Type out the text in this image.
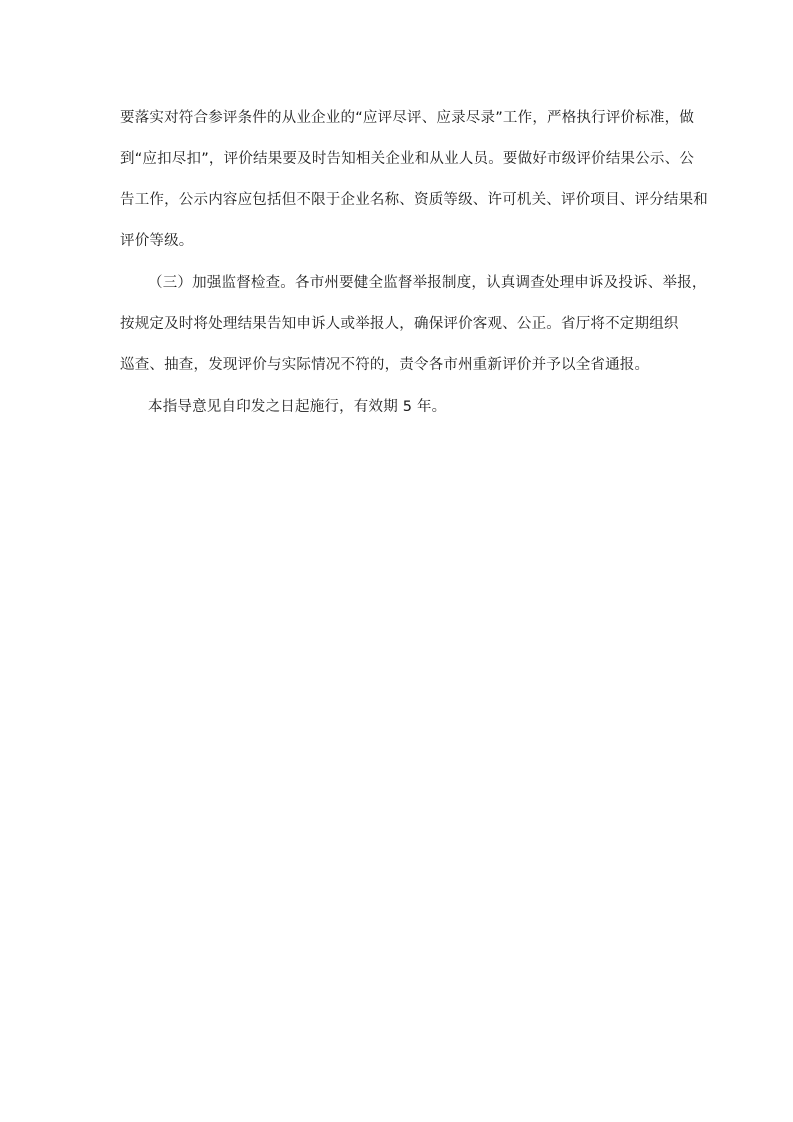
要落实对符合参评条件的从业企业的“应评尽评、应录尽录”工作，严格执行评价标准，做
到“应扣尽扣”，评价结果要及时告知相关企业和从业人员。要做好市级评价结果公示、公
告工作，公示内容应包括但不限于企业名称、资质等级、许可机关、评价项目、评分结果和
评价等级。
（三）加强监督检查。各市州要健全监督举报制度，认真调查处理申诉及投诉、举报，
按规定及时将处理结果告知申诉人或举报人，确保评价客观、公正。省厅将不定期组织
巡查、抽查，发现评价与实际情况不符的，责令各市州重新评价并予以全省通报。
本指导意见自印发之日起施行，有效期 5 年。
